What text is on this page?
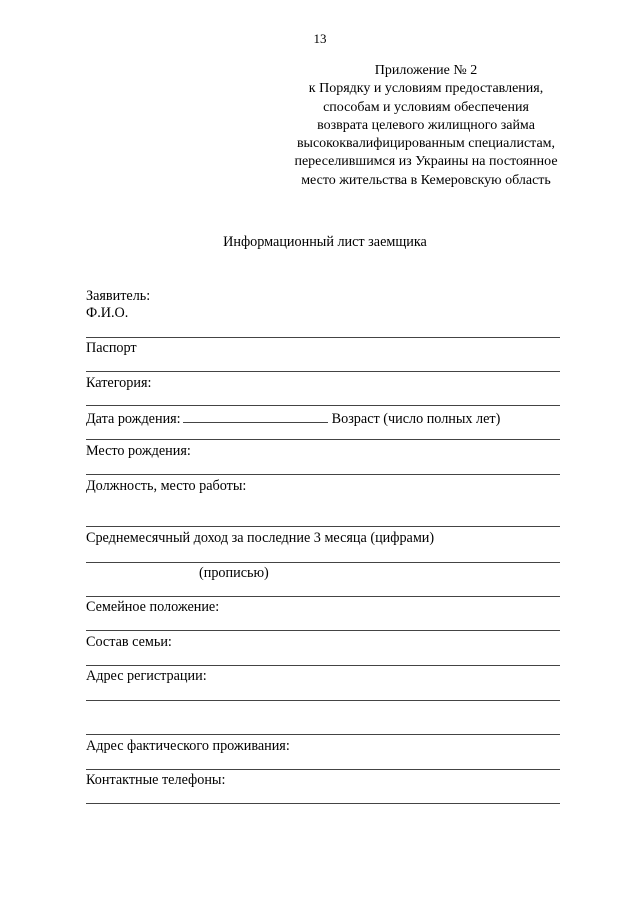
13
Приложение № 2
к Порядку и условиям предоставления,
способам и условиям обеспечения
возврата целевого жилищного займа
высококвалифицированным специалистам,
переселившимся из Украины на постоянное
место жительства в Кемеровскую область
Информационный лист заемщика
Заявитель:
Ф.И.О.
Паспорт
Категория:
Дата рождения:	Возраст (число полных лет)
Место рождения:
Должность, место работы:
Среднемесячный доход за последние 3 месяца (цифрами)
(прописью)
Семейное положение:
Состав семьи:
Адрес регистрации:
Адрес фактического проживания:
Контактные телефоны:
